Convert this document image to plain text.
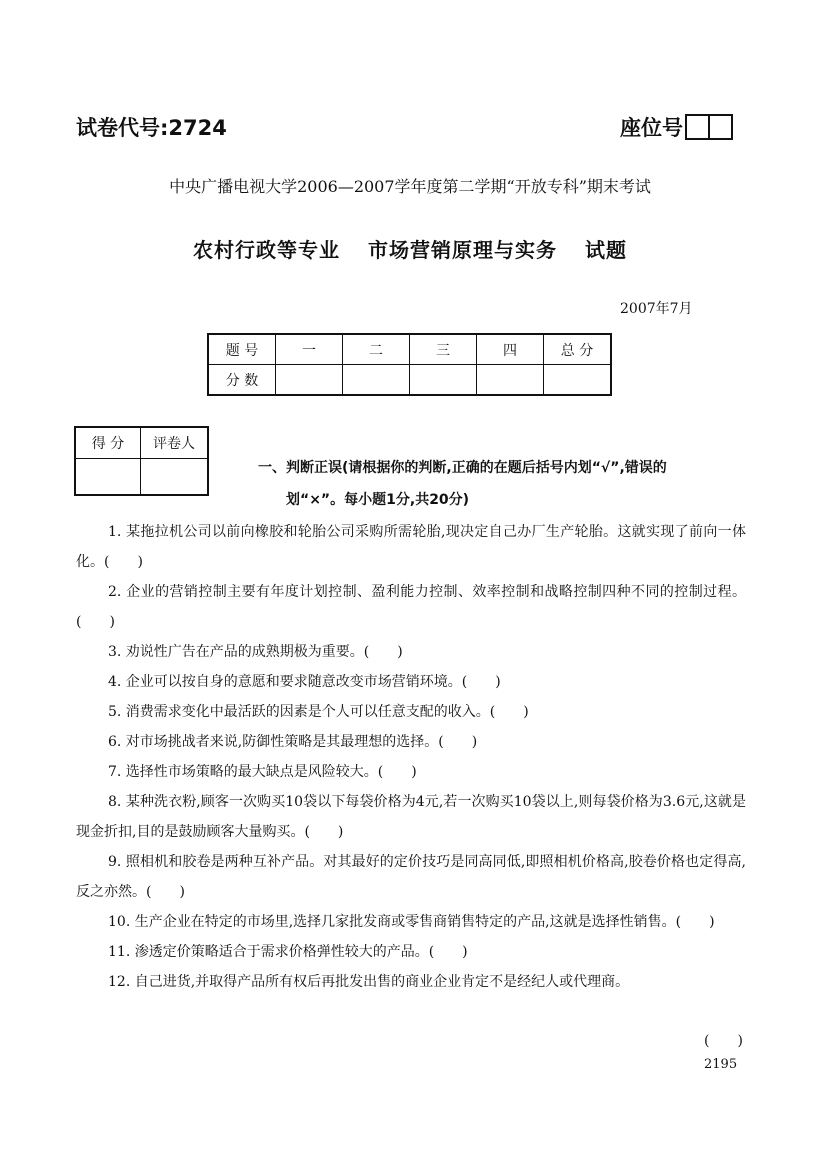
试卷代号:2724	座位号
中央广播电视大学2006—2007学年度第二学期“开放专科”期末考试
农村行政等专业 市场营销原理与实务 试题
2007年7月
题 号	一	二	三	四	总 分
分 数					
得 分	评卷人

一、判断正误(请根据你的判断,正确的在题后括号内划“√”,错误的
划“×”。每小题1分,共20分)
1. 某拖拉机公司以前向橡胶和轮胎公司采购所需轮胎,现决定自己办厂生产轮胎。这就实现了前向一体化。(　　)
2. 企业的营销控制主要有年度计划控制、盈利能力控制、效率控制和战略控制四种不同的控制过程。(　　)
3. 劝说性广告在产品的成熟期极为重要。(　　)
4. 企业可以按自身的意愿和要求随意改变市场营销环境。(　　)
5. 消费需求变化中最活跃的因素是个人可以任意支配的收入。(　　)
6. 对市场挑战者来说,防御性策略是其最理想的选择。(　　)
7. 选择性市场策略的最大缺点是风险较大。(　　)
8. 某种洗衣粉,顾客一次购买10袋以下每袋价格为4元,若一次购买10袋以上,则每袋价格为3.6元,这就是现金折扣,目的是鼓励顾客大量购买。(　　)
9. 照相机和胶卷是两种互补产品。对其最好的定价技巧是同高同低,即照相机价格高,胶卷价格也定得高,反之亦然。(　　)
10. 生产企业在特定的市场里,选择几家批发商或零售商销售特定的产品,这就是选择性销售。(　　)
11. 渗透定价策略适合于需求价格弹性较大的产品。(　　)
12. 自己进货,并取得产品所有权后再批发出售的商业企业肯定不是经纪人或代理商。
(　　)
2195
